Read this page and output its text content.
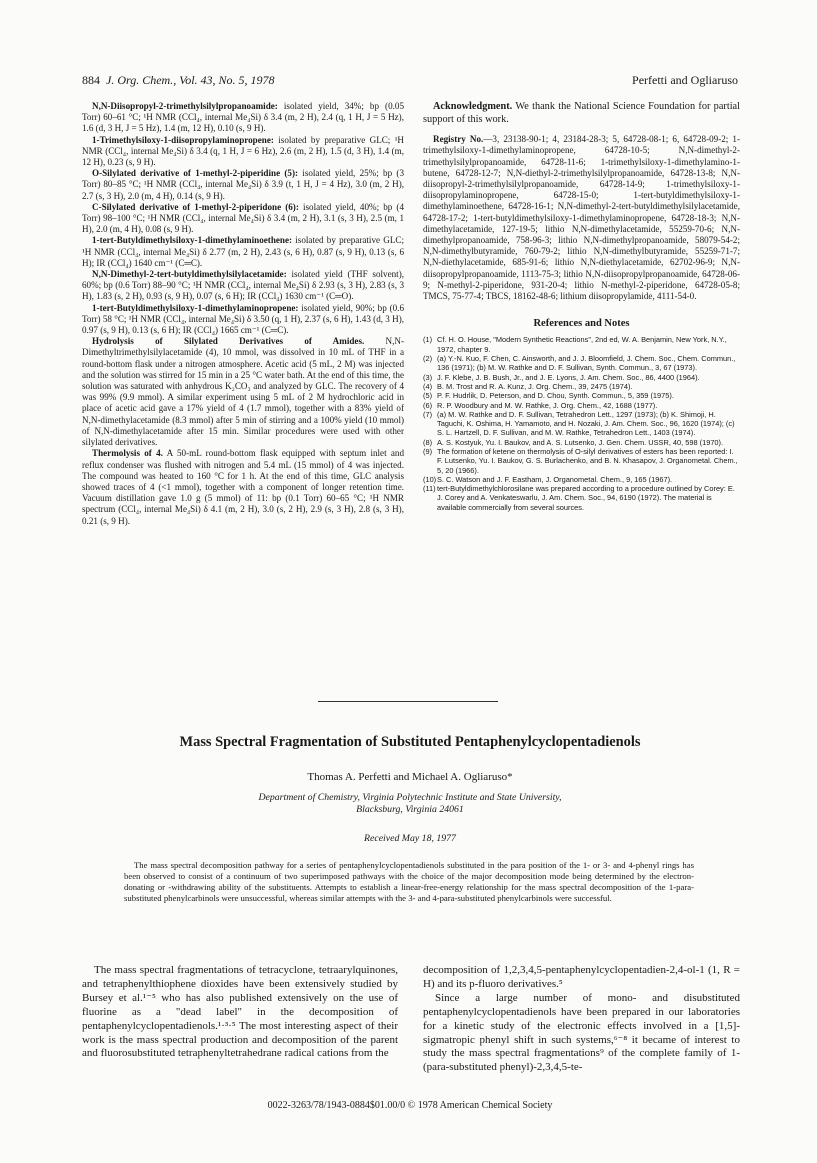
884 J. Org. Chem., Vol. 43, No. 5, 1978	Perfetti and Ogliaruso

N,N-Diisopropyl-2-trimethylsilylpropanoamide: isolated yield, 34%; bp (0.05 Torr) 60–61 °C; ¹H NMR (CCl₄, internal Me₄Si) δ 3.4 (m, 2 H), 2.4 (q, 1 H, J = 5 Hz), 1.6 (d, 3 H, J = 5 Hz), 1.4 (m, 12 H), 0.10 (s, 9 H).

1-Trimethylsiloxy-1-diisopropylaminopropene: isolated by preparative GLC; ¹H NMR (CCl₄, internal Me₄Si) δ 3.4 (q, 1 H, J = 6 Hz), 2.6 (m, 2 H), 1.5 (d, 3 H), 1.4 (m, 12 H), 0.23 (s, 9 H).

O-Silylated derivative of 1-methyl-2-piperidine (5): isolated yield, 25%; bp (3 Torr) 80–85 °C; ¹H NMR (CCl₄, internal Me₄Si) δ 3.9 (t, 1 H, J = 4 Hz), 3.0 (m, 2 H), 2.7 (s, 3 H), 2.0 (m, 4 H), 0.14 (s, 9 H).

C-Silylated derivative of 1-methyl-2-piperidone (6): isolated yield, 40%; bp (4 Torr) 98–100 °C; ¹H NMR (CCl₄, internal Me₄Si) δ 3.4 (m, 2 H), 3.1 (s, 3 H), 2.5 (m, 1 H), 2.0 (m, 4 H), 0.08 (s, 9 H).

1-tert-Butyldimethylsiloxy-1-dimethylaminoethene: isolated by preparative GLC; ¹H NMR (CCl₄, internal Me₄Si) δ 2.77 (m, 2 H), 2.43 (s, 6 H), 0.87 (s, 9 H), 0.13 (s, 6 H); IR (CCl₄) 1640 cm⁻¹ (C═C).

N,N-Dimethyl-2-tert-butyldimethylsilylacetamide: isolated yield (THF solvent), 60%; bp (0.6 Torr) 88–90 °C; ¹H NMR (CCl₄, internal Me₄Si) δ 2.93 (s, 3 H), 2.83 (s, 3 H), 1.83 (s, 2 H), 0.93 (s, 9 H), 0.07 (s, 6 H); IR (CCl₄) 1630 cm⁻¹ (C═O).

1-tert-Butyldimethylsiloxy-1-dimethylaminopropene: isolated yield, 90%; bp (0.6 Torr) 58 °C; ¹H NMR (CCl₄, internal Me₄Si) δ 3.50 (q, 1 H), 2.37 (s, 6 H), 1.43 (d, 3 H), 0.97 (s, 9 H), 0.13 (s, 6 H); IR (CCl₄) 1665 cm⁻¹ (C═C).

Hydrolysis of Silylated Derivatives of Amides. N,N-Dimethyltrimethylsilylacetamide (4), 10 mmol, was dissolved in 10 mL of THF in a round-bottom flask under a nitrogen atmosphere. Acetic acid (5 mL, 2 M) was injected and the solution was stirred for 15 min in a 25 °C water bath. At the end of this time, the solution was saturated with anhydrous K₂CO₃ and analyzed by GLC. The recovery of 4 was 99% (9.9 mmol). A similar experiment using 5 mL of 2 M hydrochloric acid in place of acetic acid gave a 17% yield of 4 (1.7 mmol), together with a 83% yield of N,N-dimethylacetamide (8.3 mmol) after 5 min of stirring and a 100% yield (10 mmol) of N,N-dimethylacetamide after 15 min. Similar procedures were used with other silylated derivatives.

Thermolysis of 4. A 50-mL round-bottom flask equipped with septum inlet and reflux condenser was flushed with nitrogen and 5.4 mL (15 mmol) of 4 was injected. The compound was heated to 160 °C for 1 h. At the end of this time, GLC analysis showed traces of 4 (<1 mmol), together with a component of longer retention time. Vacuum distillation gave 1.0 g (5 mmol) of 11: bp (0.1 Torr) 60–65 °C; ¹H NMR spectrum (CCl₄, internal Me₄Si) δ 4.1 (m, 2 H), 3.0 (s, 2 H), 2.9 (s, 3 H), 2.8 (s, 3 H), 0.21 (s, 9 H).

Acknowledgment. We thank the National Science Foundation for partial support of this work.

Registry No.—3, 23138-90-1; 4, 23184-28-3; 5, 64728-08-1; 6, 64728-09-2; 1-trimethylsiloxy-1-dimethylaminopropene, 64728-10-5; N,N-dimethyl-2-trimethylsilylpropanoamide, 64728-11-6; 1-trimethylsiloxy-1-dimethylamino-1-butene, 64728-12-7; N,N-diethyl-2-trimethylsilylpropanoamide, 64728-13-8; N,N-diisopropyl-2-trimethylsilylpropanoamide, 64728-14-9; 1-trimethylsiloxy-1-diisopropylaminopropene, 64728-15-0; 1-tert-butyldimethylsiloxy-1-dimethylaminoethene, 64728-16-1; N,N-dimethyl-2-tert-butyldimethylsilylacetamide, 64728-17-2; 1-tert-butyldimethylsiloxy-1-dimethylaminopropene, 64728-18-3; N,N-dimethylacetamide, 127-19-5; lithio N,N-dimethylacetamide, 55259-70-6; N,N-dimethylpropanoamide, 758-96-3; lithio N,N-dimethylpropanoamide, 58079-54-2; N,N-dimethylbutyramide, 760-79-2; lithio N,N-dimethylbutyramide, 55259-71-7; N,N-diethylacetamide, 685-91-6; lithio N,N-diethylacetamide, 62702-96-9; N,N-diisopropylpropanoamide, 1113-75-3; lithio N,N-diisopropylpropanoamide, 64728-06-9; N-methyl-2-piperidone, 931-20-4; lithio N-methyl-2-piperidone, 64728-05-8; TMCS, 75-77-4; TBCS, 18162-48-6; lithium diisopropylamide, 4111-54-0.

References and Notes
(1) Cf. H. O. House, "Modern Synthetic Reactions", 2nd ed, W. A. Benjamin, New York, N.Y., 1972, chapter 9.
(2) (a) Y.-N. Kuo, F. Chen, C. Ainsworth, and J. J. Bloomfield, J. Chem. Soc., Chem. Commun., 136 (1971); (b) M. W. Rathke and D. F. Sullivan, Synth. Commun., 3, 67 (1973).
(3) J. F. Klebe, J. B. Bush, Jr., and J. E. Lyons, J. Am. Chem. Soc., 86, 4400 (1964).
(4) B. M. Trost and R. A. Kunz, J. Org. Chem., 39, 2475 (1974).
(5) P. F. Hudrlik, D. Peterson, and D. Chou, Synth. Commun., 5, 359 (1975).
(6) R. P. Woodbury and M. W. Rathke, J. Org. Chem., 42, 1688 (1977).
(7) (a) M. W. Rathke and D. F. Sullivan, Tetrahedron Lett., 1297 (1973); (b) K. Shimoji, H. Taguchi, K. Oshima, H. Yamamoto, and H. Nozaki, J. Am. Chem. Soc., 96, 1620 (1974); (c) S. L. Hartzell, D. F. Sullivan, and M. W. Rathke, Tetrahedron Lett., 1403 (1974).
(8) A. S. Kostyuk, Yu. I. Baukov, and A. S. Lutsenko, J. Gen. Chem. USSR, 40, 598 (1970).
(9) The formation of ketene on thermolysis of O-silyl derivatives of esters has been reported: I. F. Lutsenko, Yu. I. Baukov, G. S. Burlachenko, and B. N. Khasapov, J. Organometal. Chem., 5, 20 (1966).
(10) S. C. Watson and J. F. Eastham, J. Organometal. Chem., 9, 165 (1967).
(11) tert-Butyldimethylchlorosilane was prepared according to a procedure outlined by Corey: E. J. Corey and A. Venkateswarlu, J. Am. Chem. Soc., 94, 6190 (1972). The material is available commercially from several sources.
Mass Spectral Fragmentation of Substituted Pentaphenylcyclopentadienols
Thomas A. Perfetti and Michael A. Ogliaruso*
Department of Chemistry, Virginia Polytechnic Institute and State University,
Blacksburg, Virginia 24061
Received May 18, 1977

The mass spectral decomposition pathway for a series of pentaphenylcyclopentadienols substituted in the para position of the 1- or 3- and 4-phenyl rings has been observed to consist of a continuum of two superimposed pathways with the choice of the major decomposition mode being determined by the electron-donating or -withdrawing ability of the substituents. Attempts to establish a linear-free-energy relationship for the mass spectral decomposition of the 1-para-substituted phenylcarbinols were unsuccessful, whereas similar attempts with the 3- and 4-para-substituted phenylcarbinols were successful.

The mass spectral fragmentations of tetracyclone, tetraarylquinones, and tetraphenylthiophene dioxides have been extensively studied by Bursey et al.¹⁻⁵ who has also published extensively on the use of fluorine as a "dead label" in the decomposition of pentaphenylcyclopentadienols.¹·³·⁵ The most interesting aspect of their work is the mass spectral production and decomposition of the parent and fluorosubstituted tetraphenyltetrahedrane radical cations from the

decomposition of 1,2,3,4,5-pentaphenylcyclopentadien-2,4-ol-1 (1, R = H) and its p-fluoro derivatives.⁵

Since a large number of mono- and disubstituted pentaphenylcyclopentadienols have been prepared in our laboratories for a kinetic study of the electronic effects involved in a [1,5]-sigmatropic phenyl shift in such systems,⁶⁻⁸ it became of interest to study the mass spectral fragmentations⁹ of the complete family of 1-(para-substituted phenyl)-2,3,4,5-te-

0022-3263/78/1943-0884$01.00/0 © 1978 American Chemical Society
